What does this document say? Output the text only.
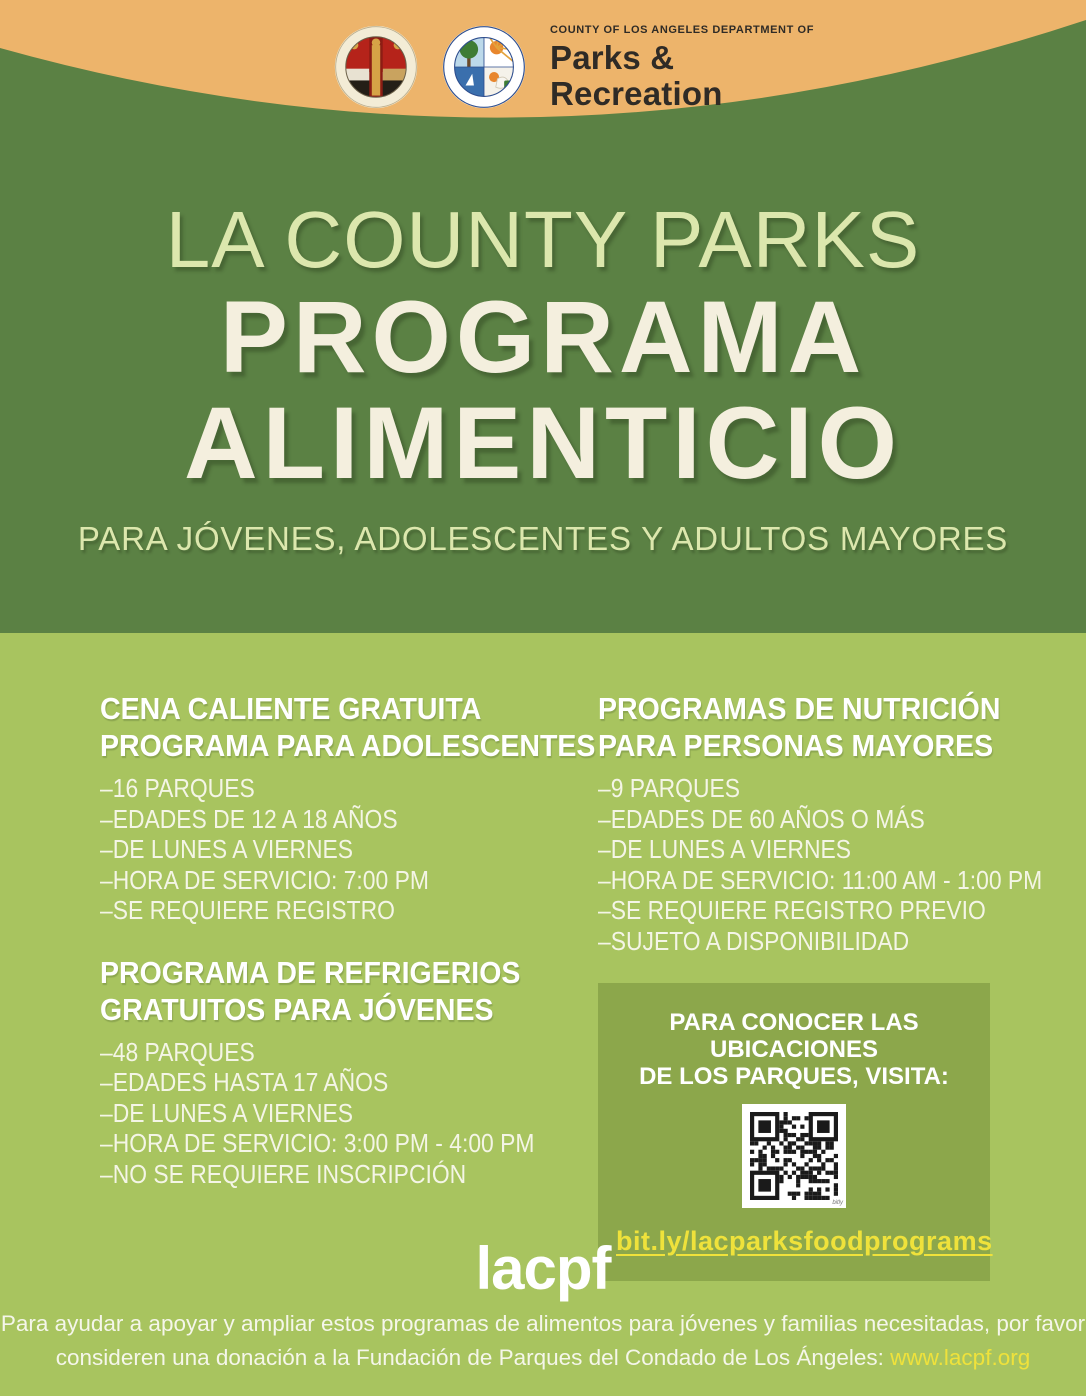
COUNTY OF LOS ANGELES DEPARTMENT OF
Parks &
Recreation
LA COUNTY PARKS
PROGRAMA
ALIMENTICIO
PARA JÓVENES, ADOLESCENTES Y ADULTOS MAYORES
CENA CALIENTE GRATUITA
PROGRAMA PARA ADOLESCENTES
–16 PARQUES
–EDADES DE 12 A 18 AÑOS
–DE LUNES A VIERNES
–HORA DE SERVICIO: 7:00 PM
–SE REQUIERE REGISTRO
PROGRAMA DE REFRIGERIOS
GRATUITOS PARA JÓVENES
–48 PARQUES
–EDADES HASTA 17 AÑOS
–DE LUNES A VIERNES
–HORA DE SERVICIO: 3:00 PM - 4:00 PM
–NO SE REQUIERE INSCRIPCIÓN
PROGRAMAS DE NUTRICIÓN
PARA PERSONAS MAYORES
–9 PARQUES
–EDADES DE 60 AÑOS O MÁS
–DE LUNES A VIERNES
–HORA DE SERVICIO: 11:00 AM - 1:00 PM
–SE REQUIERE REGISTRO PREVIO
–SUJETO A DISPONIBILIDAD
PARA CONOCER LAS UBICACIONES
DE LOS PARQUES, VISITA:
bitly
bit.ly/lacparksfoodprograms
lacpf
Para ayudar a apoyar y ampliar estos programas de alimentos para jóvenes y familias necesitadas, por favor
consideren una donación a la Fundación de Parques del Condado de Los Ángeles: www.lacpf.org
